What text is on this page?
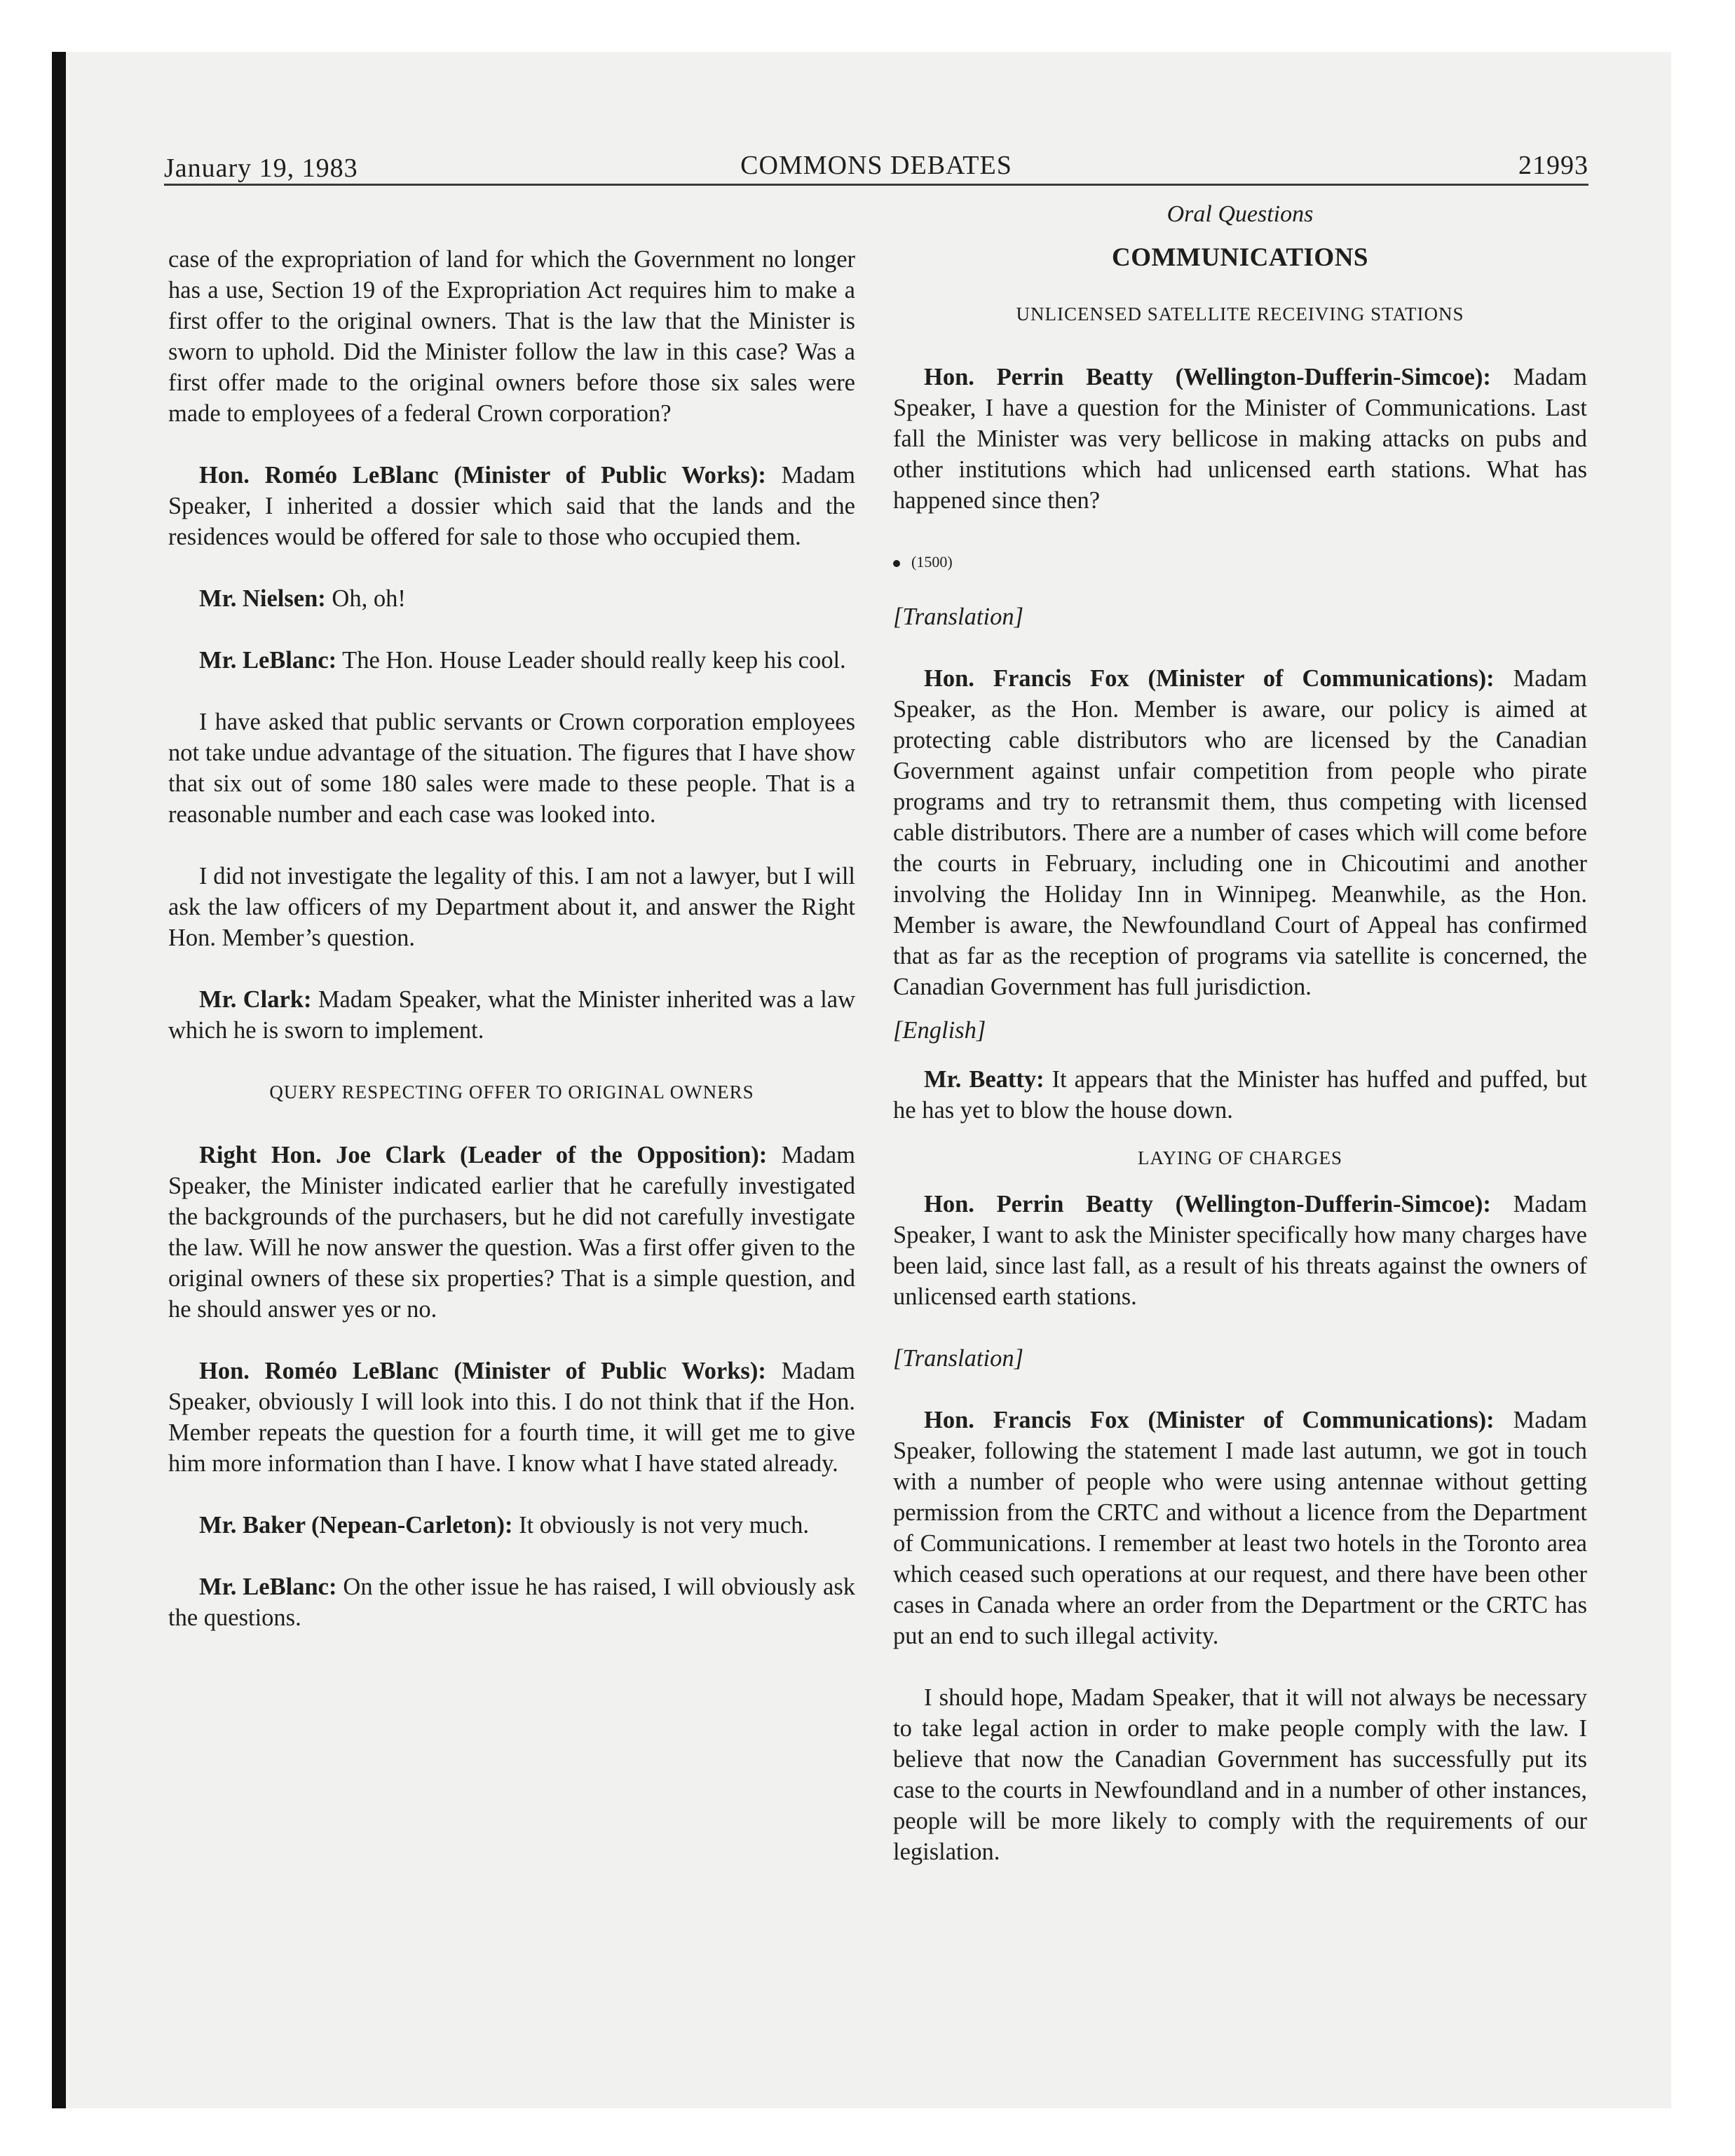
January 19, 1983	COMMONS DEBATES	21993

case of the expropriation of land for which the Government no longer has a use, Section 19 of the Expropriation Act requires him to make a first offer to the original owners. That is the law that the Minister is sworn to uphold. Did the Minister follow the law in this case? Was a first offer made to the original owners before those six sales were made to employees of a federal Crown corporation?

Hon. Roméo LeBlanc (Minister of Public Works): Madam Speaker, I inherited a dossier which said that the lands and the residences would be offered for sale to those who occupied them.

Mr. Nielsen: Oh, oh!

Mr. LeBlanc: The Hon. House Leader should really keep his cool.

I have asked that public servants or Crown corporation employees not take undue advantage of the situation. The figures that I have show that six out of some 180 sales were made to these people. That is a reasonable number and each case was looked into.

I did not investigate the legality of this. I am not a lawyer, but I will ask the law officers of my Department about it, and answer the Right Hon. Member’s question.

Mr. Clark: Madam Speaker, what the Minister inherited was a law which he is sworn to implement.

QUERY RESPECTING OFFER TO ORIGINAL OWNERS

Right Hon. Joe Clark (Leader of the Opposition): Madam Speaker, the Minister indicated earlier that he carefully investigated the backgrounds of the purchasers, but he did not carefully investigate the law. Will he now answer the question. Was a first offer given to the original owners of these six properties? That is a simple question, and he should answer yes or no.

Hon. Roméo LeBlanc (Minister of Public Works): Madam Speaker, obviously I will look into this. I do not think that if the Hon. Member repeats the question for a fourth time, it will get me to give him more information than I have. I know what I have stated already.

Mr. Baker (Nepean-Carleton): It obviously is not very much.

Mr. LeBlanc: On the other issue he has raised, I will obviously ask the questions.

Oral Questions
COMMUNICATIONS
UNLICENSED SATELLITE RECEIVING STATIONS

Hon. Perrin Beatty (Wellington-Dufferin-Simcoe): Madam Speaker, I have a question for the Minister of Communications. Last fall the Minister was very bellicose in making attacks on pubs and other institutions which had unlicensed earth stations. What has happened since then?

(1500)
[Translation]

Hon. Francis Fox (Minister of Communications): Madam Speaker, as the Hon. Member is aware, our policy is aimed at protecting cable distributors who are licensed by the Canadian Government against unfair competition from people who pirate programs and try to retransmit them, thus competing with licensed cable distributors. There are a number of cases which will come before the courts in February, including one in Chicoutimi and another involving the Holiday Inn in Winnipeg. Meanwhile, as the Hon. Member is aware, the Newfoundland Court of Appeal has confirmed that as far as the reception of programs via satellite is concerned, the Canadian Government has full jurisdiction.

[English]

Mr. Beatty: It appears that the Minister has huffed and puffed, but he has yet to blow the house down.

LAYING OF CHARGES

Hon. Perrin Beatty (Wellington-Dufferin-Simcoe): Madam Speaker, I want to ask the Minister specifically how many charges have been laid, since last fall, as a result of his threats against the owners of unlicensed earth stations.

[Translation]

Hon. Francis Fox (Minister of Communications): Madam Speaker, following the statement I made last autumn, we got in touch with a number of people who were using antennae without getting permission from the CRTC and without a licence from the Department of Communications. I remember at least two hotels in the Toronto area which ceased such operations at our request, and there have been other cases in Canada where an order from the Department or the CRTC has put an end to such illegal activity.

I should hope, Madam Speaker, that it will not always be necessary to take legal action in order to make people comply with the law. I believe that now the Canadian Government has successfully put its case to the courts in Newfoundland and in a number of other instances, people will be more likely to comply with the requirements of our legislation.
